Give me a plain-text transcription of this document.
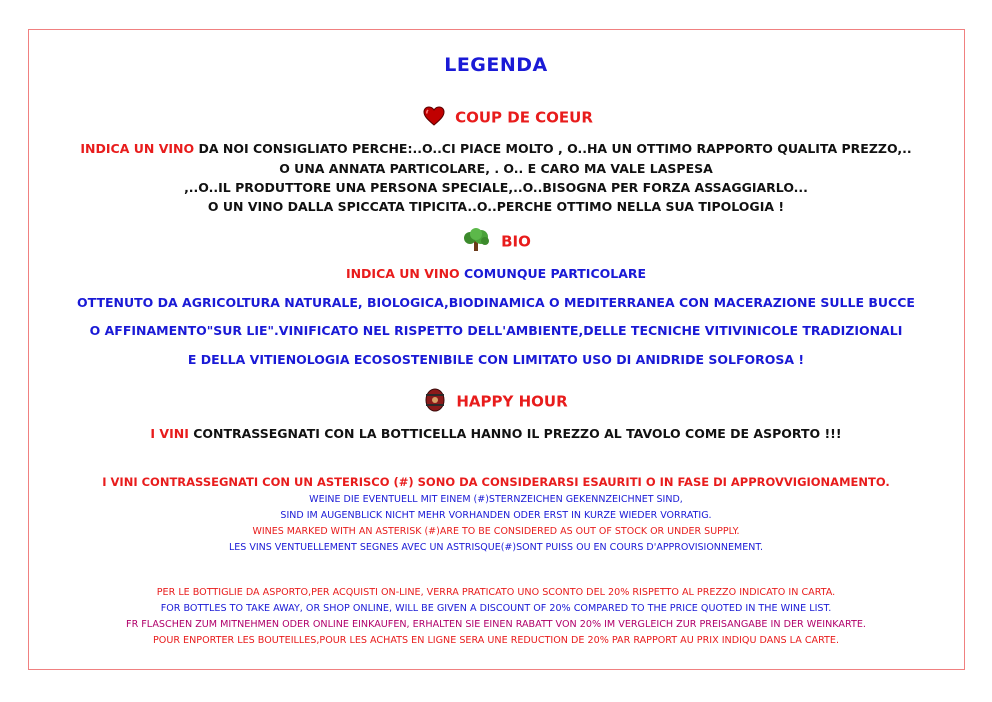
LEGENDA
COUP DE COEUR
INDICA UN VINO DA NOI CONSIGLIATO PERCHE:..O..CI PIACE MOLTO , O..HA UN OTTIMO RAPPORTO QUALITA PREZZO,..
O UNA ANNATA PARTICOLARE, . O.. E CARO MA VALE LASPESA
,..O..IL PRODUTTORE UNA PERSONA SPECIALE,..O..BISOGNA PER FORZA ASSAGGIARLO...
O UN VINO DALLA SPICCATA TIPICITA..O..PERCHE OTTIMO NELLA SUA TIPOLOGIA !
BIO
INDICA UN VINO COMUNQUE PARTICOLARE
OTTENUTO DA AGRICOLTURA NATURALE, BIOLOGICA,BIODINAMICA O MEDITERRANEA CON MACERAZIONE SULLE BUCCE
O AFFINAMENTO"SUR LIE".VINIFICATO NEL RISPETTO DELL'AMBIENTE,DELLE TECNICHE VITIVINICOLE TRADIZIONALI
E DELLA VITIENOLOGIA ECOSOSTENIBILE CON LIMITATO USO DI ANIDRIDE SOLFOROSA !
HAPPY HOUR
I VINI CONTRASSEGNATI CON LA BOTTICELLA HANNO IL PREZZO AL TAVOLO COME DE ASPORTO !!!
I VINI CONTRASSEGNATI CON UN ASTERISCO (#) SONO DA CONSIDERARSI ESAURITI O IN FASE DI APPROVVIGIONAMENTO.
WEINE DIE EVENTUELL MIT EINEM (#)STERNZEICHEN GEKENNZEICHNET SIND,
SIND IM AUGENBLICK NICHT MEHR VORHANDEN ODER ERST IN KURZE WIEDER VORRATIG.
WINES MARKED WITH AN ASTERISK (#)ARE TO BE CONSIDERED AS OUT OF STOCK OR UNDER SUPPLY.
LES VINS VENTUELLEMENT SEGNES AVEC UN ASTRISQUE(#)SONT PUISS OU EN COURS D'APPROVISIONNEMENT.
PER LE BOTTIGLIE DA ASPORTO,PER ACQUISTI ON-LINE, VERRA PRATICATO UNO SCONTO DEL 20% RISPETTO AL PREZZO INDICATO IN CARTA.
FOR BOTTLES TO TAKE AWAY, OR SHOP ONLINE, WILL BE GIVEN A DISCOUNT OF 20% COMPARED TO THE PRICE QUOTED IN THE WINE LIST.
FR FLASCHEN ZUM MITNEHMEN ODER ONLINE EINKAUFEN, ERHALTEN SIE EINEN RABATT VON 20% IM VERGLEICH ZUR PREISANGABE IN DER WEINKARTE.
POUR ENPORTER LES BOUTEILLES,POUR LES ACHATS EN LIGNE SERA UNE REDUCTION DE 20% PAR RAPPORT AU PRIX INDIQU DANS LA CARTE.
